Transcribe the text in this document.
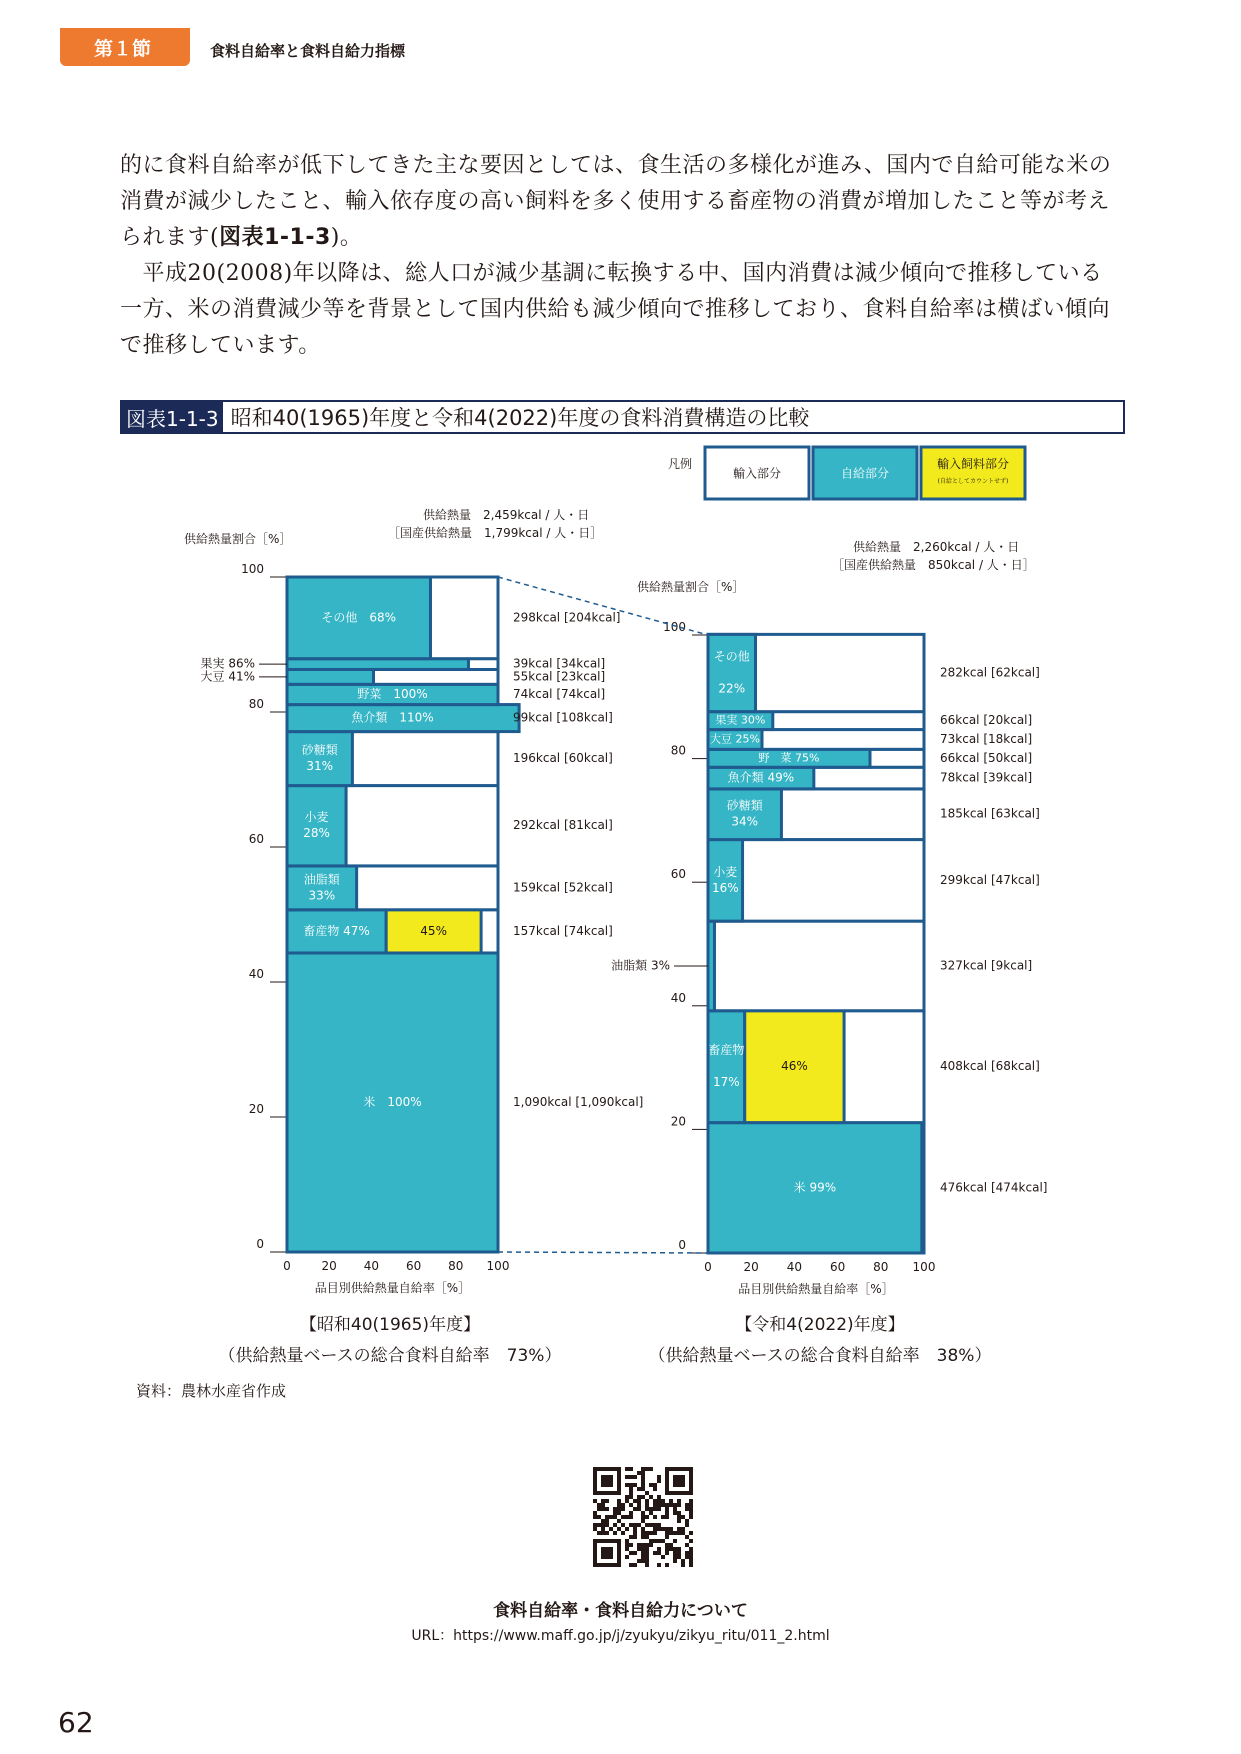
第１節	食料自給率と食料自給力指標

的に食料自給率が低下してきた主な要因としては、食生活の多様化が進み、国内で自給可能な米の消費が減少したこと、輸入依存度の高い飼料を多く使用する畜産物の消費が増加したこと等が考えられます(図表1-1-3)。

　平成20(2008)年以降は、総人口が減少基調に転換する中、国内消費は減少傾向で推移している一方、米の消費減少等を背景として国内供給も減少傾向で推移しており、食料自給率は横ばい傾向で推移しています。

図表1-1-3 昭和40(1965)年度と令和4(2022)年度の食料消費構造の比較
凡例
輸入部分	自給部分
輸入飼料部分
(自給としてカウントせず)
供給熱量　2,459kcal / 人・日
［国産供給熱量　1,799kcal / 人・日］
供給熱量割合［%］
0
20
40
60
80
100
0	20 40 60 80 100
品目別供給熱量自給率［%］
米　100%	1,090kcal [1,090kcal]
45%
畜産物 47%	157kcal [74kcal]
油脂類
33%
159kcal [52kcal]
小麦
28%
292kcal [81kcal]
砂糖類
31%
196kcal [60kcal]
魚介類　110%	99kcal [108kcal]
野菜　100%	74kcal [74kcal]
大豆 41%	55kcal [23kcal]
果実 86%	39kcal [34kcal]
その他　68%	298kcal [204kcal]
供給熱量　2,260kcal / 人・日
［国産供給熱量　850kcal / 人・日］
供給熱量割合［%］
0
20
40
60
80
100
0	20 40 60 80 100
品目別供給熱量自給率［%］
米 99%	476kcal [474kcal]
46%
畜産物
17%
408kcal [68kcal]
油脂類 3%	327kcal [9kcal]
小麦
16%
299kcal [47kcal]
砂糖類
34%
185kcal [63kcal]
魚介類 49%	78kcal [39kcal]
野　菜 75%	66kcal [50kcal]
大豆 25%	73kcal [18kcal]
果実 30%	66kcal [20kcal]
その他
22%
282kcal [62kcal]
【昭和40(1965)年度】
（供給熱量ベースの総合食料自給率　73%）
【令和4(2022)年度】
（供給熱量ベースの総合食料自給率　38%）
資料：農林水産省作成
食料自給率・食料自給力について
URL：https://www.maff.go.jp/j/zyukyu/zikyu_ritu/011_2.html
62
